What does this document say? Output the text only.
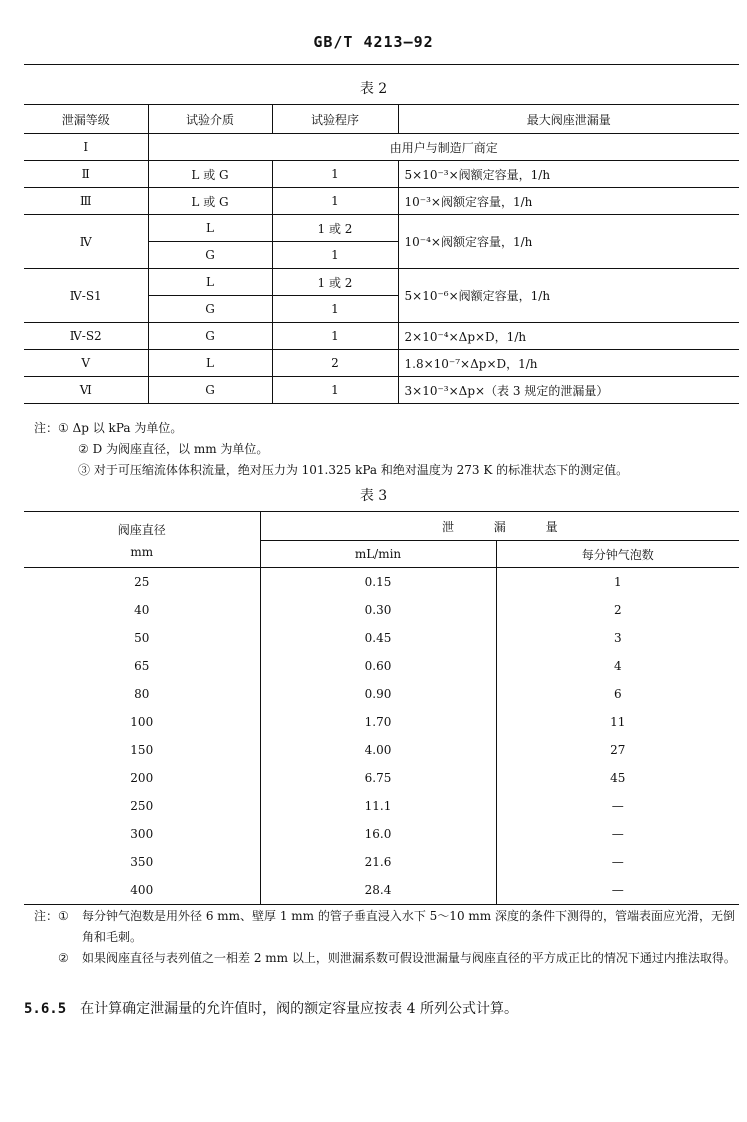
GB/T 4213—92
表 2
泄漏等级	试验介质	试验程序	最大阀座泄漏量
Ⅰ	由用户与制造厂商定		
Ⅱ	L 或 G	1	5×10⁻³×阀额定容量，1/h
Ⅲ	L 或 G	1	10⁻³×阀额定容量，1/h
Ⅳ	L	1 或 2	10⁻⁴×阀额定容量，1/h
	G	1	
Ⅳ-S1	L	1 或 2	5×10⁻⁶×阀额定容量，1/h
	G	1	
Ⅳ-S2	G	1	2×10⁻⁴×Δp×D，1/h
Ⅴ	L	2	1.8×10⁻⁷×Δp×D，1/h
Ⅵ	G	1	3×10⁻³×Δp×（表 3 规定的泄漏量）
注：① Δp 以 kPa 为单位。
② D 为阀座直径，以 mm 为单位。
③ 对于可压缩流体体积流量，绝对压力为 101.325 kPa 和绝对温度为 273 K 的标准状态下的测定值。
表 3
阀座直径
mm	泄 漏 量	
	mL/min	每分钟气泡数
25	0.15	1
40	0.30	2
50	0.45	3
65	0.60	4
80	0.90	6
100	1.70	11
150	4.00	27
200	6.75	45
250	11.1	—
300	16.0	—
350	21.6	—
400	28.4	—
注： ① 每分钟气泡数是用外径 6 mm、壁厚 1 mm 的管子垂直浸入水下 5～10 mm 深度的条件下测得的，管端表面应光滑，无倒角和毛刺。
② 如果阀座直径与表列值之一相差 2 mm 以上，则泄漏系数可假设泄漏量与阀座直径的平方成正比的情况下通过内推法取得。
5.6.5 在计算确定泄漏量的允许值时，阀的额定容量应按表 4 所列公式计算。
